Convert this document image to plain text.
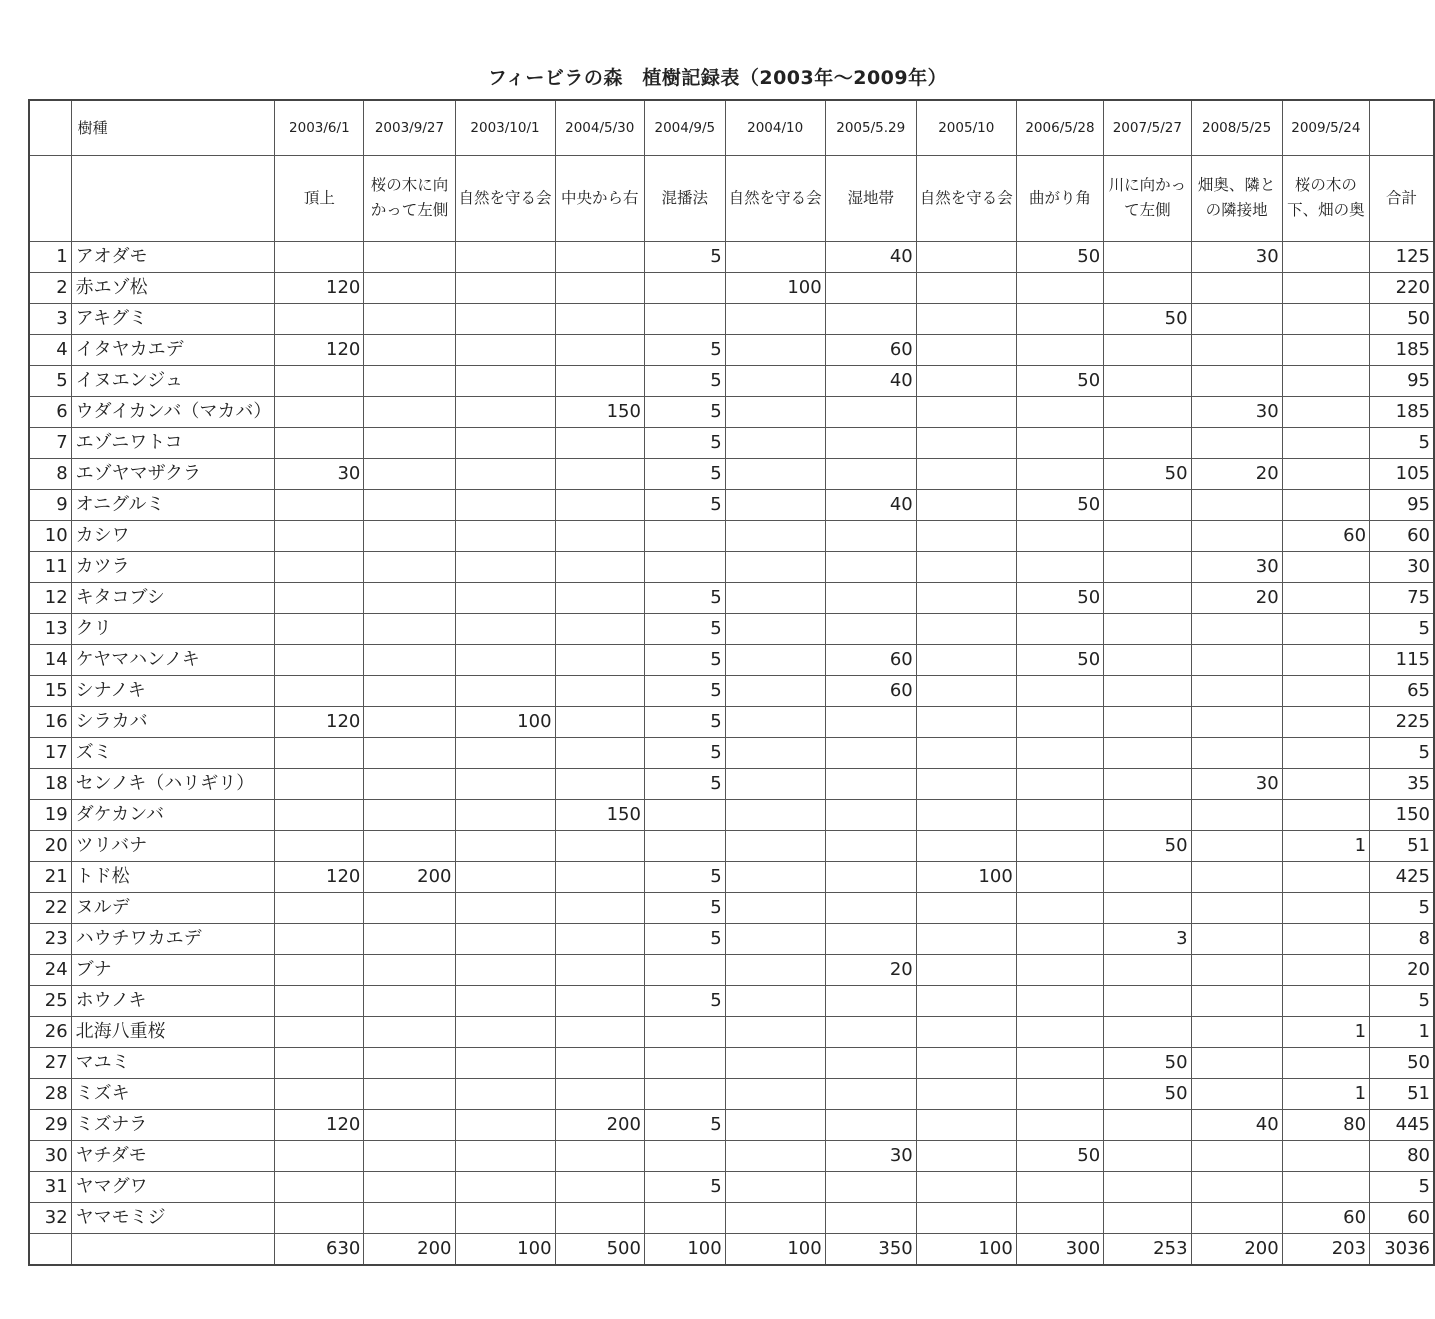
フィービラの森　植樹記録表（2003年～2009年）
	樹種	2003/6/1	2003/9/27	2003/10/1	2004/5/30	2004/9/5	2004/10	2005/5.29	2005/10	2006/5/28	2007/5/27	2008/5/25	2009/5/24	
		頂上	桜の木に向かって左側	自然を守る会	中央から右	混播法	自然を守る会	湿地帯	自然を守る会	曲がり角	川に向かって左側	畑奥、隣との隣接地	桜の木の下、畑の奥	合計
1	アオダモ					5		40		50		30		125
2	赤エゾ松	120					100							220
3	アキグミ										50			50
4	イタヤカエデ	120				5		60						185
5	イヌエンジュ					5		40		50				95
6	ウダイカンバ（マカバ）				150	5						30		185
7	エゾニワトコ					5								5
8	エゾヤマザクラ	30				5					50	20		105
9	オニグルミ					5		40		50				95
10	カシワ												60	60
11	カツラ											30		30
12	キタコブシ					5				50		20		75
13	クリ					5								5
14	ケヤマハンノキ					5		60		50				115
15	シナノキ					5		60						65
16	シラカバ	120		100		5								225
17	ズミ					5								5
18	センノキ（ハリギリ）					5						30		35
19	ダケカンバ				150									150
20	ツリバナ										50		1	51
21	トド松	120	200			5			100					425
22	ヌルデ					5								5
23	ハウチワカエデ					5					3			8
24	ブナ							20						20
25	ホウノキ					5								5
26	北海八重桜												1	1
27	マユミ										50			50
28	ミズキ										50		1	51
29	ミズナラ	120			200	5						40	80	445
30	ヤチダモ							30		50				80
31	ヤマグワ					5								5
32	ヤマモミジ												60	60
		630	200	100	500	100	100	350	100	300	253	200	203	3036
